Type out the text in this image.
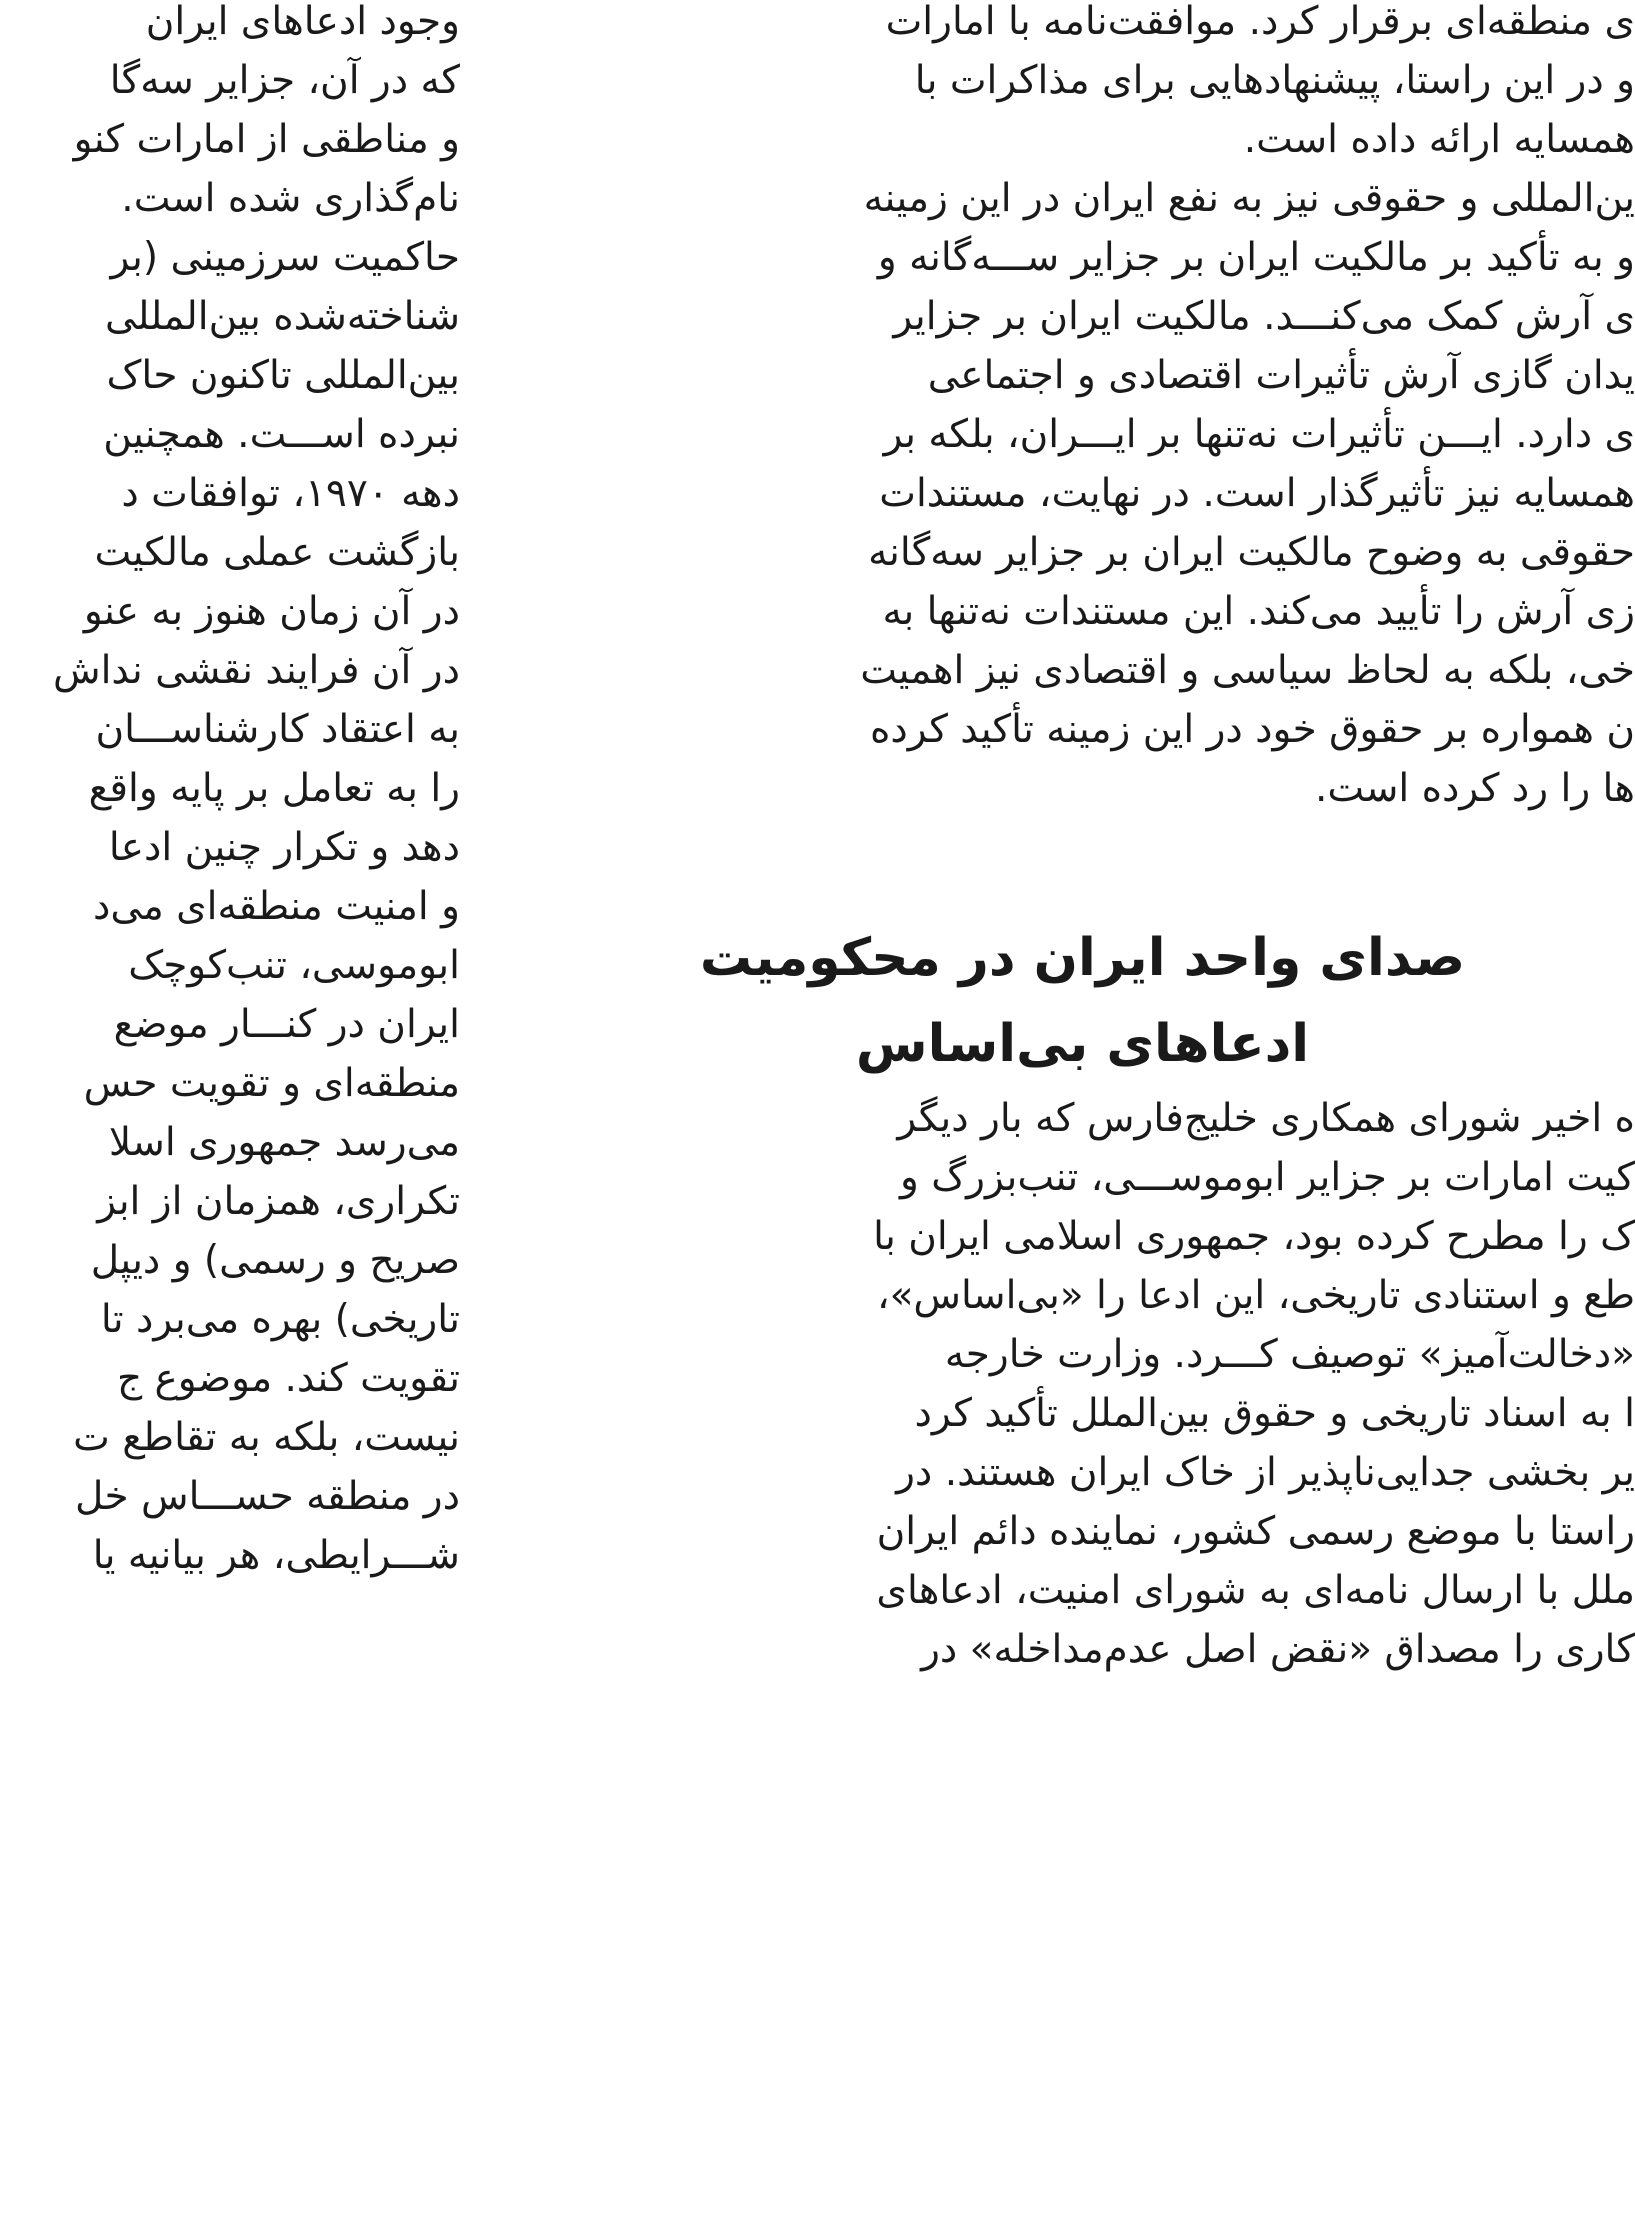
ی منطقه‌ای برقرار کرد. موافقت‌نامه با امارات
و در این راستا، پیشنهادهایی برای مذاکرات با
همسایه ارائه داده است.
ین‌المللی و حقوقی نیز به نفع ایران در این زمینه
و به تأکید بر مالکیت ایران بر جزایر ســـه‌گانه و
ی آرش کمک می‌کنـــد. مالکیت ایران بر جزایر
یدان گازی آرش تأثیرات اقتصادی و اجتماعی
ی دارد. ایـــن تأثیرات نه‌تنها بر ایـــران، بلکه بر
همسایه نیز تأثیرگذار است. در نهایت، مستندات
حقوقی به وضوح مالکیت ایران بر جزایر سه‌گانه
زی آرش را تأیید می‌کند. این مستندات نه‌تنها به
خی، بلکه به لحاظ سیاسی و اقتصادی نیز اهمیت
ن همواره بر حقوق خود در این زمینه تأکید کرده
ها را رد کرده است.
صدای واحد ایران در محکومیت
ادعاهای بی‌اساس
ه اخیر شورای همکاری خلیج‌فارس که بار دیگر
کیت امارات بر جزایر ابوموســـی، تنب‌بزرگ و
ک را مطرح کرده بود، جمهوری اسلامی ایران با
طع و استنادی تاریخی، این ادعا را «بی‌اساس»،
«دخالت‌آمیز» توصیف کـــرد. وزارت خارجه
ا به اسناد تاریخی و حقوق بین‌الملل تأکید کرد
یر بخشی جدایی‌ناپذیر از خاک ایران هستند. در
راستا با موضع رسمی کشور، نماینده دائم ایران
ملل با ارسال نامه‌ای به شورای امنیت، ادعاهای
کاری را مصداق «نقض اصل عدم‌مداخله» در
وجود ادعاهای ایران
که در آن، جزایر سه‌گا
و مناطقی از امارات کنو
نام‌گذاری شده است.
حاکمیت سرزمینی (بر
شناخته‌شده بین‌المللی
بین‌المللی تاکنون حاک
نبرده اســـت. همچنین
دهه ۱۹۷۰، توافقات د
بازگشت عملی مالکیت
در آن زمان هنوز به عنو
در آن فرایند نقشی نداش
به اعتقاد کارشناســـان
را به تعامل بر پایه واقع
دهد و تکرار چنین ادعا
و امنیت منطقه‌ای می‌د
ابوموسی، تنب‌کوچک
ایران در کنـــار موضع
منطقه‌ای و تقویت حس
می‌رسد جمهوری اسلا
تکراری، همزمان از ابز
صریح و رسمی) و دیپل
تاریخی) بهره می‌برد تا
تقویت کند. موضوع ج
نیست، بلکه به تقاطع ت
در منطقه حســـاس خل
شـــرایطی، هر بیانیه یا
